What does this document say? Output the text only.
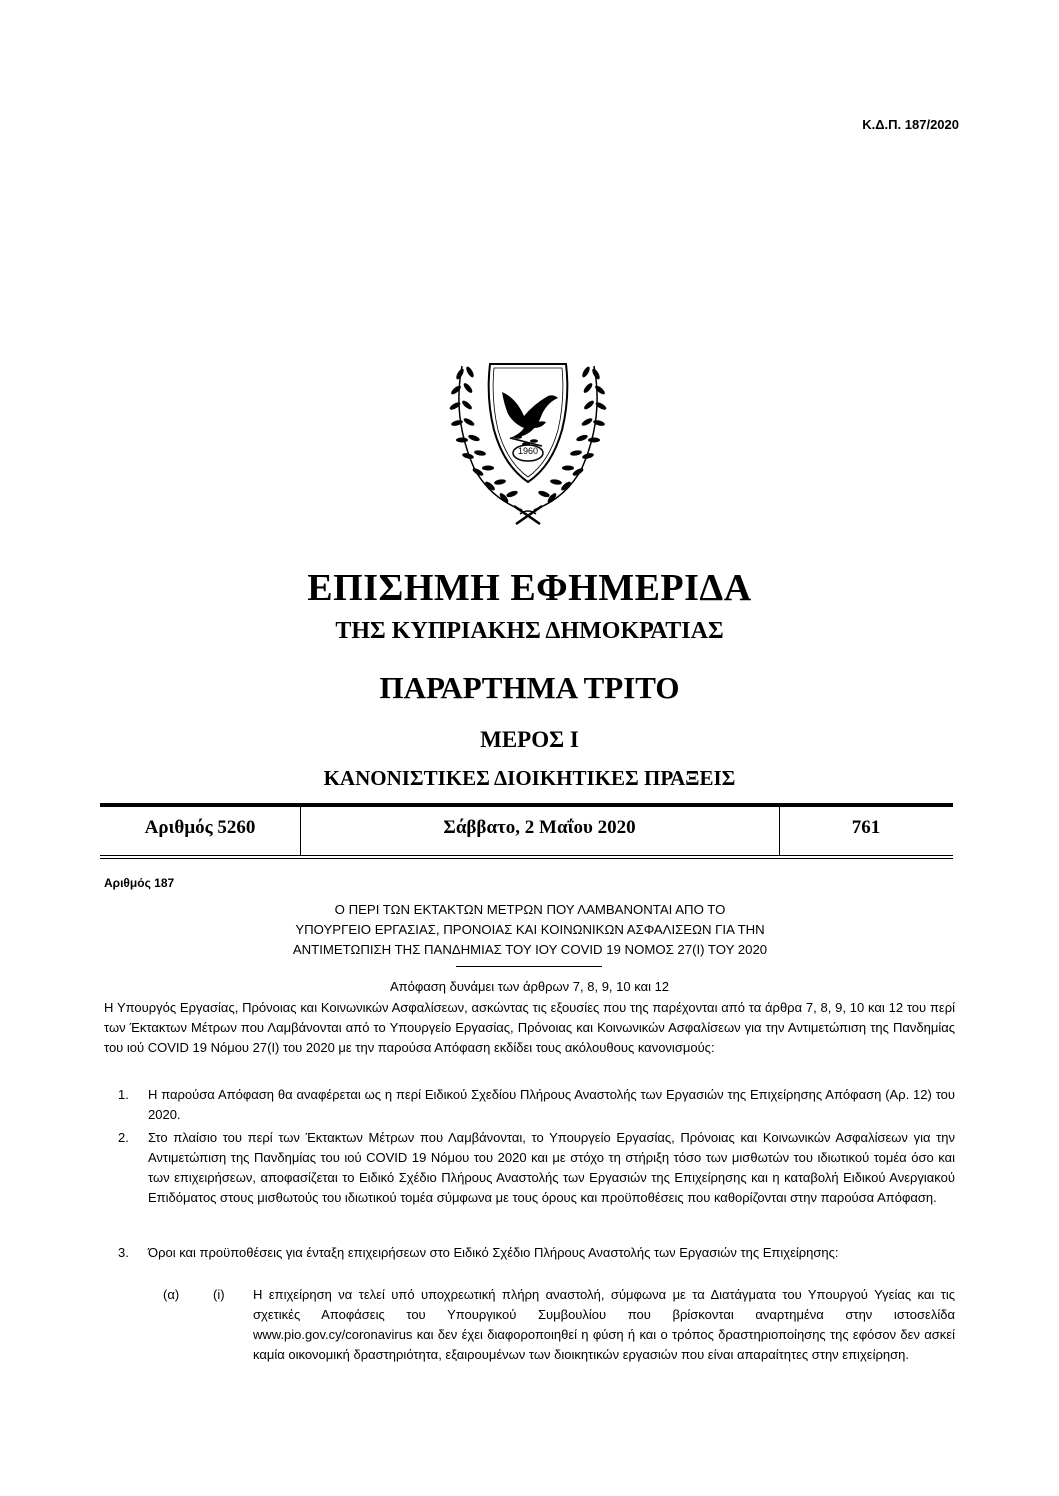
Κ.Δ.Π. 187/2020
1960
ΕΠΙΣΗΜΗ ΕΦΗΜΕΡΙΔΑ
ΤΗΣ ΚΥΠΡΙΑΚΗΣ ΔΗΜΟΚΡΑΤΙΑΣ
ΠΑΡΑΡΤΗΜΑ ΤΡΙΤΟ
ΜΕΡΟΣ Ι
ΚΑΝΟΝΙΣΤΙΚΕΣ ΔΙΟΙΚΗΤΙΚΕΣ ΠΡΑΞΕΙΣ
Αριθμός 5260	Σάββατο, 2 Μαΐου 2020	761
Αριθμός 187
Ο ΠΕΡΙ ΤΩΝ ΕΚΤΑΚΤΩΝ ΜΕΤΡΩΝ ΠΟΥ ΛΑΜΒΑΝΟΝΤΑΙ ΑΠΟ ΤΟ
ΥΠΟΥΡΓΕΙΟ ΕΡΓΑΣΙΑΣ, ΠΡΟΝΟΙΑΣ ΚΑΙ ΚΟΙΝΩΝΙΚΩΝ ΑΣΦΑΛΙΣΕΩΝ ΓΙΑ ΤΗΝ
ΑΝΤΙΜΕΤΩΠΙΣΗ ΤΗΣ ΠΑΝΔΗΜΙΑΣ ΤΟΥ ΙΟΥ COVID 19 ΝΟΜΟΣ 27(Ι) ΤΟΥ 2020
Απόφαση δυνάμει των άρθρων 7, 8, 9, 10 και 12
Η Υπουργός Εργασίας, Πρόνοιας και Κοινωνικών Ασφαλίσεων, ασκώντας τις εξουσίες που της παρέχονται από τα άρθρα 7, 8, 9, 10 και 12 του περί των Έκτακτων Μέτρων που Λαμβάνονται από το Υπουργείο Εργασίας, Πρόνοιας και Κοινωνικών Ασφαλίσεων για την Αντιμετώπιση της Πανδημίας του ιού COVID 19 Νόμου 27(Ι) του 2020 με την παρούσα Απόφαση εκδίδει τους ακόλουθους κανονισμούς:
1. Η παρούσα Απόφαση θα αναφέρεται ως η περί Ειδικού Σχεδίου Πλήρους Αναστολής των Εργασιών της Επιχείρησης Απόφαση (Αρ. 12) του 2020.
2. Στο πλαίσιο του περί των Έκτακτων Μέτρων που Λαμβάνονται, το Υπουργείο Εργασίας, Πρόνοιας και Κοινωνικών Ασφαλίσεων για την Αντιμετώπιση της Πανδημίας του ιού COVID 19 Νόμου του 2020 και με στόχο τη στήριξη τόσο των μισθωτών του ιδιωτικού τομέα όσο και των επιχειρήσεων, αποφασίζεται το Ειδικό Σχέδιο Πλήρους Αναστολής των Εργασιών της Επιχείρησης και η καταβολή Ειδικού Ανεργιακού Επιδόματος στους μισθωτούς του ιδιωτικού τομέα σύμφωνα με τους όρους και προϋποθέσεις που καθορίζονται στην παρούσα Απόφαση.
3. Όροι και προϋποθέσεις για ένταξη επιχειρήσεων στο Ειδικό Σχέδιο Πλήρους Αναστολής των Εργασιών της Επιχείρησης:
(α)	(i) Η επιχείρηση να τελεί υπό υποχρεωτική πλήρη αναστολή, σύμφωνα με τα Διατάγματα του Υπουργού Υγείας και τις σχετικές Αποφάσεις του Υπουργικού Συμβουλίου που βρίσκονται αναρτημένα στην ιστοσελίδα www.pio.gov.cy/coronavirus και δεν έχει διαφοροποιηθεί η φύση ή και ο τρόπος δραστηριοποίησης της εφόσον δεν ασκεί καμία οικονομική δραστηριότητα, εξαιρουμένων των διοικητικών εργασιών που είναι απαραίτητες στην επιχείρηση.
